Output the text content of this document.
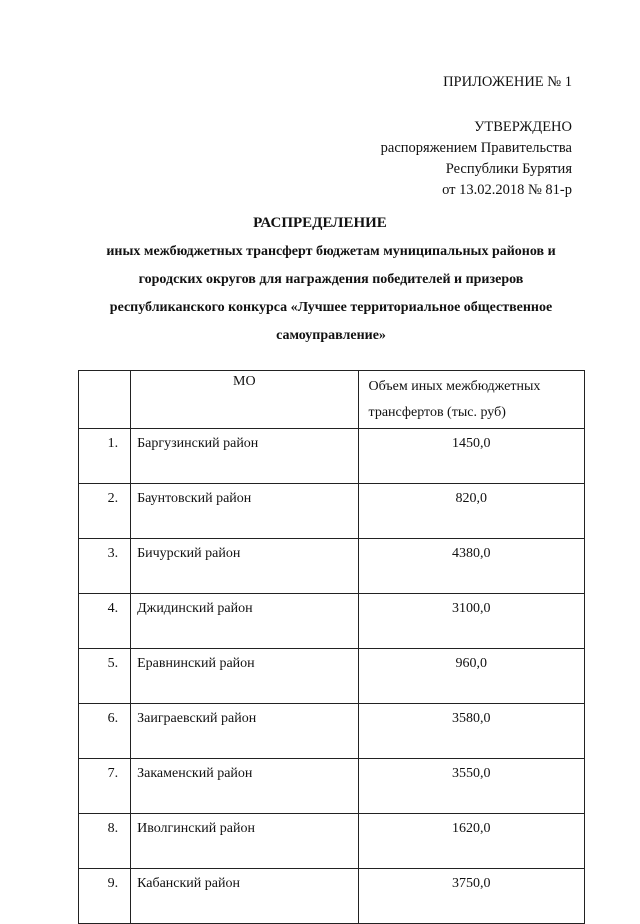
ПРИЛОЖЕНИЕ № 1
УТВЕРЖДЕНО
распоряжением Правительства
Республики Бурятия
от 13.02.2018 № 81-р
РАСПРЕДЕЛЕНИЕ
иных межбюджетных трансферт бюджетам муниципальных районов и
городских округов для награждения победителей и призеров
республиканского конкурса «Лучшее территориальное общественное
самоуправление»
	МО	Объем иных межбюджетных
трансфертов (тыс. руб)

1.	Баргузинский район	1450,0
2.	Баунтовский район	820,0
3.	Бичурский район	4380,0
4.	Джидинский район	3100,0
5.	Еравнинский район	960,0
6.	Заиграевский район	3580,0
7.	Закаменский район	3550,0
8.	Иволгинский район	1620,0
9.	Кабанский район	3750,0
